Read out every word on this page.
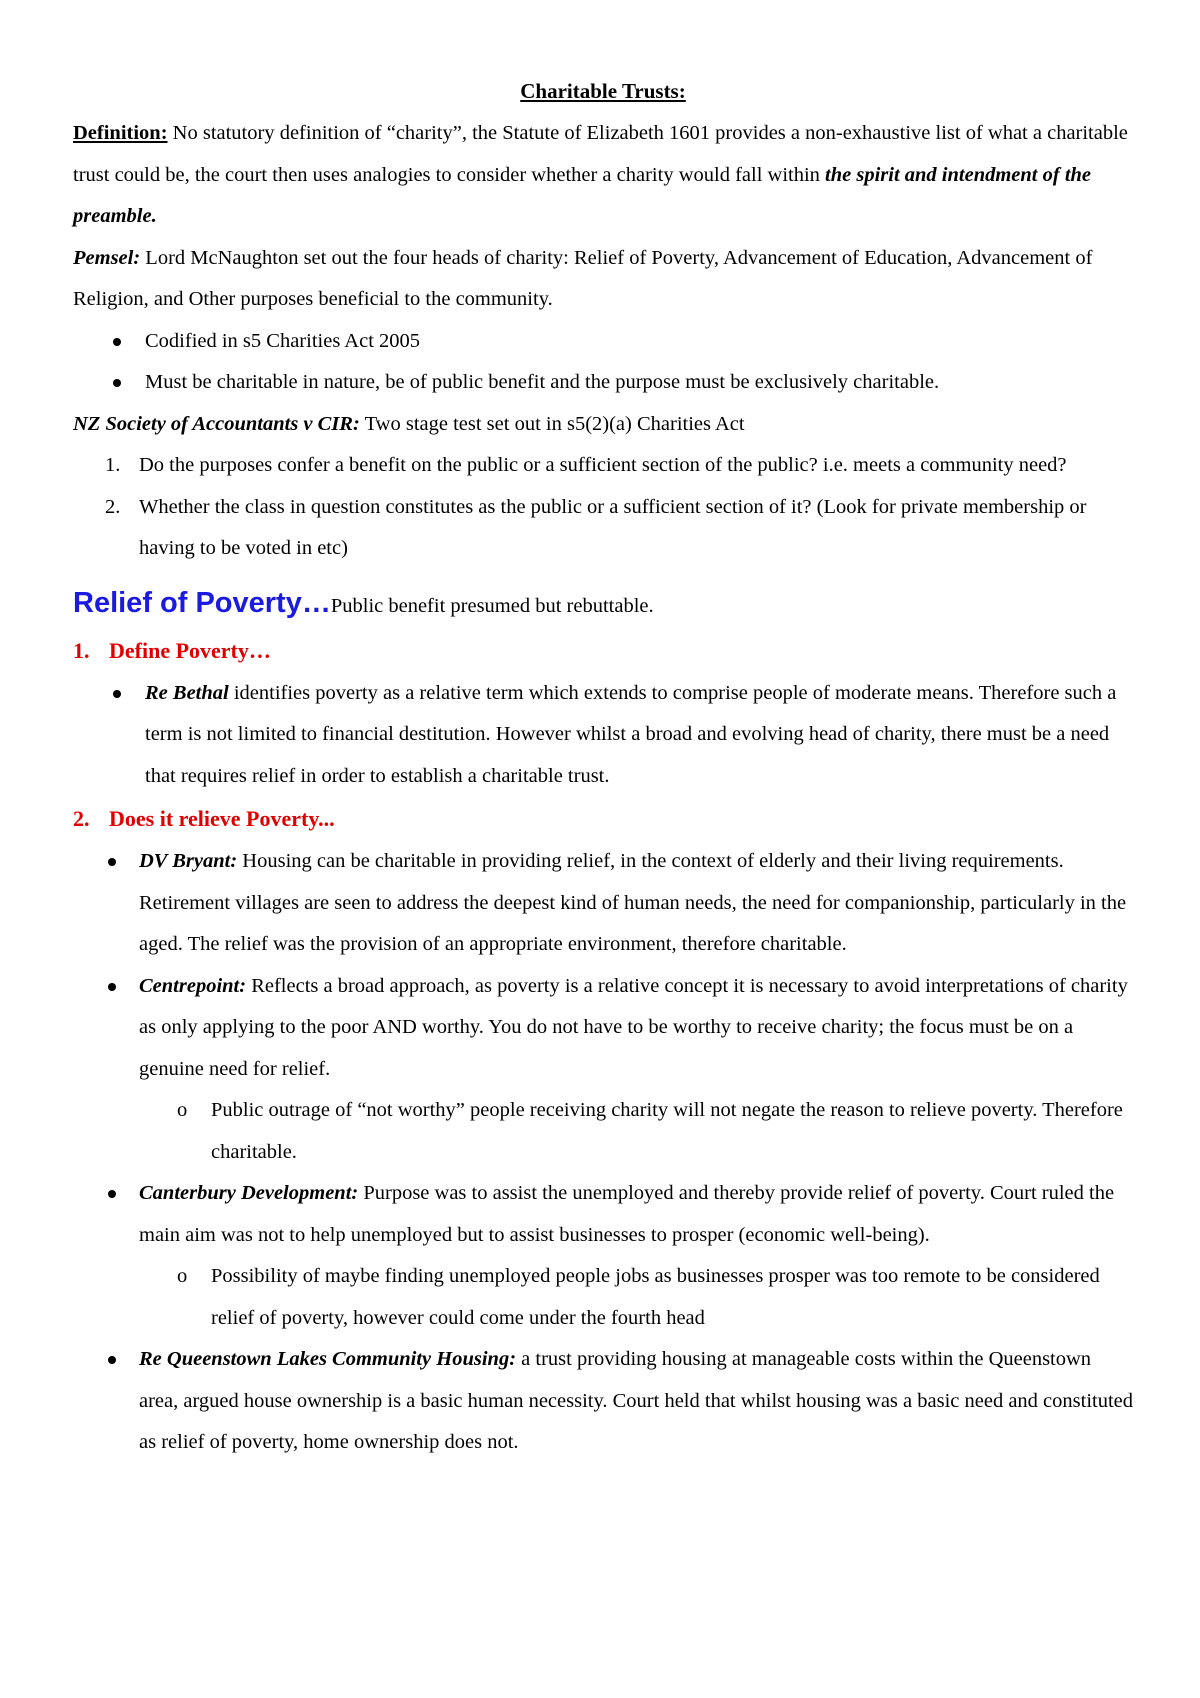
Charitable Trusts:

Definition: No statutory definition of “charity”, the Statute of Elizabeth 1601 provides a non-exhaustive list of what a charitable trust could be, the court then uses analogies to consider whether a charity would fall within the spirit and intendment of the preamble.

Pemsel: Lord McNaughton set out the four heads of charity: Relief of Poverty, Advancement of Education, Advancement of Religion, and Other purposes beneficial to the community.

Codified in s5 Charities Act 2005
Must be charitable in nature, be of public benefit and the purpose must be exclusively charitable.

NZ Society of Accountants v CIR: Two stage test set out in s5(2)(a) Charities Act

1. Do the purposes confer a benefit on the public or a sufficient section of the public? i.e. meets a community need?
2. Whether the class in question constitutes as the public or a sufficient section of it? (Look for private membership or having to be voted in etc)

Relief of Poverty…Public benefit presumed but rebuttable.

1. Define Poverty…
Re Bethal identifies poverty as a relative term which extends to comprise people of moderate means. Therefore such a term is not limited to financial destitution. However whilst a broad and evolving head of charity, there must be a need that requires relief in order to establish a charitable trust.
2. Does it relieve Poverty...
DV Bryant: Housing can be charitable in providing relief, in the context of elderly and their living requirements. Retirement villages are seen to address the deepest kind of human needs, the need for companionship, particularly in the aged. The relief was the provision of an appropriate environment, therefore charitable.
Centrepoint: Reflects a broad approach, as poverty is a relative concept it is necessary to avoid interpretations of charity as only applying to the poor AND worthy. You do not have to be worthy to receive charity; the focus must be on a genuine need for relief.
o Public outrage of “not worthy” people receiving charity will not negate the reason to relieve poverty. Therefore charitable.
Canterbury Development: Purpose was to assist the unemployed and thereby provide relief of poverty. Court ruled the main aim was not to help unemployed but to assist businesses to prosper (economic well-being).
o Possibility of maybe finding unemployed people jobs as businesses prosper was too remote to be considered relief of poverty, however could come under the fourth head
Re Queenstown Lakes Community Housing: a trust providing housing at manageable costs within the Queenstown area, argued house ownership is a basic human necessity. Court held that whilst housing was a basic need and constituted as relief of poverty, home ownership does not.
